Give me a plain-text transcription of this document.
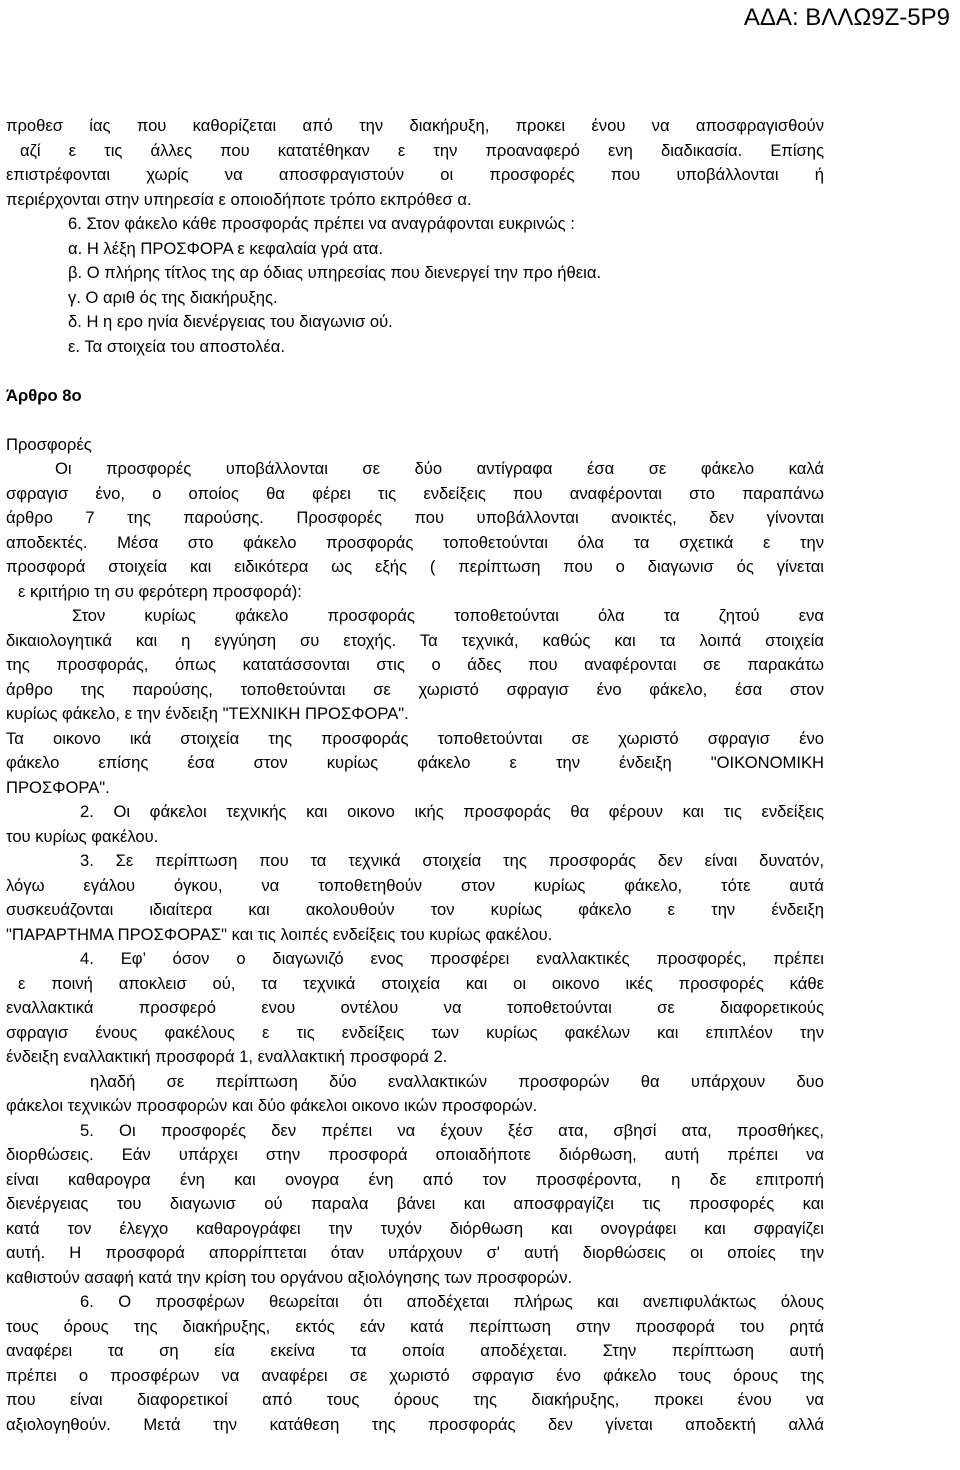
ΑΔΑ: ΒΛΛΩ9Ζ-5Ρ9
προθεσ ίας που καθορίζεται από την διακήρυξη, προκει ένου να αποσφραγισθούν
αζί ε τις άλλες που κατατέθηκαν ε την προαναφερό ενη διαδικασία. Επίσης
επιστρέφονται χωρίς να αποσφραγιστούν οι προσφορές που υποβάλλονται ή
περιέρχονται στην υπηρεσία ε οποιοδήποτε τρόπο εκπρόθεσ α.
6. Στον φάκελο κάθε προσφοράς πρέπει να αναγράφονται ευκρινώς :
α. Η λέξη ΠΡΟΣΦΟΡΑ ε κεφαλαία γρά ατα.
β. Ο πλήρης τίτλος της αρ όδιας υπηρεσίας που διενεργεί την προ ήθεια.
γ. Ο αριθ ός της διακήρυξης.
δ. Η η ερο ηνία διενέργειας του διαγωνισ ού.
ε. Τα στοιχεία του αποστολέα.
Άρθρο 8ο
Προσφορές
Οι προσφορές υποβάλλονται σε δύο αντίγραφα έσα σε φάκελο καλά
σφραγισ ένο, ο οποίος θα φέρει τις ενδείξεις που αναφέρονται στο παραπάνω
άρθρο 7 της παρούσης. Προσφορές που υποβάλλονται ανοικτές, δεν γίνονται
αποδεκτές. Μέσα στο φάκελο προσφοράς τοποθετούνται όλα τα σχετικά ε την
προσφορά στοιχεία και ειδικότερα ως εξής ( περίπτωση που ο διαγωνισ ός γίνεται
ε κριτήριο τη συ φερότερη προσφορά):
Στον κυρίως φάκελο προσφοράς τοποθετούνται όλα τα ζητού ενα
δικαιολογητικά και η εγγύηση συ ετοχής. Τα τεχνικά, καθώς και τα λοιπά στοιχεία
της προσφοράς, όπως κατατάσσονται στις ο άδες που αναφέρονται σε παρακάτω
άρθρο της παρούσης, τοποθετούνται σε χωριστό σφραγισ ένο φάκελο, έσα στον
κυρίως φάκελο, ε την ένδειξη "ΤΕΧΝΙΚΗ ΠΡΟΣΦΟΡΑ".
Τα οικονο ικά στοιχεία της προσφοράς τοποθετούνται σε χωριστό σφραγισ ένο
φάκελο επίσης έσα στον κυρίως φάκελο ε την ένδειξη "ΟΙΚΟΝΟΜΙΚΗ
ΠΡΟΣΦΟΡΑ".
2. Οι φάκελοι τεχνικής και οικονο ικής προσφοράς θα φέρουν και τις ενδείξεις
του κυρίως φακέλου.
3. Σε περίπτωση που τα τεχνικά στοιχεία της προσφοράς δεν είναι δυνατόν,
λόγω εγάλου όγκου, να τοποθετηθούν στον κυρίως φάκελο, τότε αυτά
συσκευάζονται ιδιαίτερα και ακολουθούν τον κυρίως φάκελο ε την ένδειξη
"ΠΑΡΑΡΤΗΜΑ ΠΡΟΣΦΟΡΑΣ" και τις λοιπές ενδείξεις του κυρίως φακέλου.
4. Εφ’ όσον ο διαγωνιζό ενος προσφέρει εναλλακτικές προσφορές, πρέπει
ε ποινή αποκλεισ ού, τα τεχνικά στοιχεία και οι οικονο ικές προσφορές κάθε
εναλλακτικά προσφερό ενου οντέλου να τοποθετούνται σε διαφορετικούς
σφραγισ ένους φακέλους ε τις ενδείξεις των κυρίως φακέλων και επιπλέον την
ένδειξη εναλλακτική προσφορά 1, εναλλακτική προσφορά 2.
ηλαδή σε περίπτωση δύο εναλλακτικών προσφορών θα υπάρχουν δυο
φάκελοι τεχνικών προσφορών και δύο φάκελοι οικονο ικών προσφορών.
5. Οι προσφορές δεν πρέπει να έχουν ξέσ ατα, σβησί ατα, προσθήκες,
διορθώσεις. Εάν υπάρχει στην προσφορά οποιαδήποτε διόρθωση, αυτή πρέπει να
είναι καθαρογρα ένη και ονογρα ένη από τον προσφέροντα, η δε επιτροπή
διενέργειας του διαγωνισ ού παραλα βάνει και αποσφραγίζει τις προσφορές και
κατά τον έλεγχο καθαρογράφει την τυχόν διόρθωση και ονογράφει και σφραγίζει
αυτή. Η προσφορά απορρίπτεται όταν υπάρχουν σ' αυτή διορθώσεις οι οποίες την
καθιστούν ασαφή κατά την κρίση του οργάνου αξιολόγησης των προσφορών.
6. Ο προσφέρων θεωρείται ότι αποδέχεται πλήρως και ανεπιφυλάκτως όλους
τους όρους της διακήρυξης, εκτός εάν κατά περίπτωση στην προσφορά του ρητά
αναφέρει τα ση εία εκείνα τα οποία αποδέχεται. Στην περίπτωση αυτή
πρέπει ο προσφέρων να αναφέρει σε χωριστό σφραγισ ένο φάκελο τους όρους της
που είναι διαφορετικοί από τους όρους της διακήρυξης, προκει ένου να
αξιολογηθούν. Μετά την κατάθεση της προσφοράς δεν γίνεται αποδεκτή αλλά
